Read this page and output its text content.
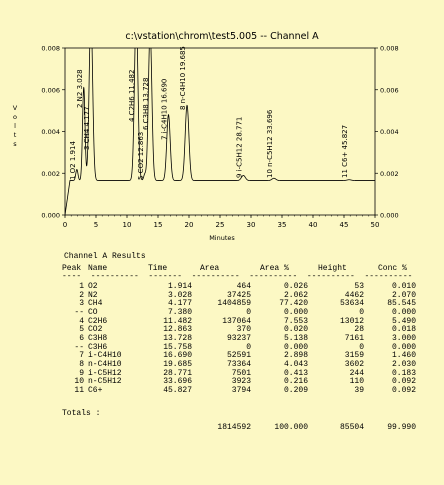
c:\vstation\chrom\test5.005 -- Channel A
0	5	10	15	20	25	30	35	40	45	50
0.000	0.000
0.002	0.002
0.004	0.004
0.006	0.006
0.008	0.008
1 O2 1.914
2 N2 3.028
3 CH4 4.177
4 C2H6 11.482
5 CO2 12.863
6 C3H8 13.728 7 i-C4H10 16.690 8 n-C4H10 19.685
9 i-C5H12 28.771	10 n-C5H12 33.696	11 C6+ 45.827
Minutes
V
o
l
t
s
Channel A Results
Peak Name	Time	Area	Area %	Height	Conc %
----  ----------  -------  ----------  ----------  ----------  ----------
1 O2	1.914	464	0.026	53	0.010
2 N2	3.028	37425	2.062	4462	2.070
3 CH4	4.177	1404859	77.420	53634	85.545
-- CO	7.380	0	0.000	0	0.000
4 C2H6	11.482	137064	7.553	13012	5.490
5 CO2	12.863	370	0.020	28	0.018
6 C3H8	13.728	93237	5.138	7161	3.000
-- C3H6	15.758	0	0.000	0	0.000
7 i-C4H10	16.690	52591	2.898	3159	1.460
8 n-C4H10	19.685	73364	4.043	3602	2.030
9 i-C5H12	28.771	7501	0.413	244	0.183
10 n-C5H12	33.696	3923	0.216	110	0.092
11 C6+	45.827	3794	0.209	39	0.092
Totals :
1814592	100.000	85504	99.990
